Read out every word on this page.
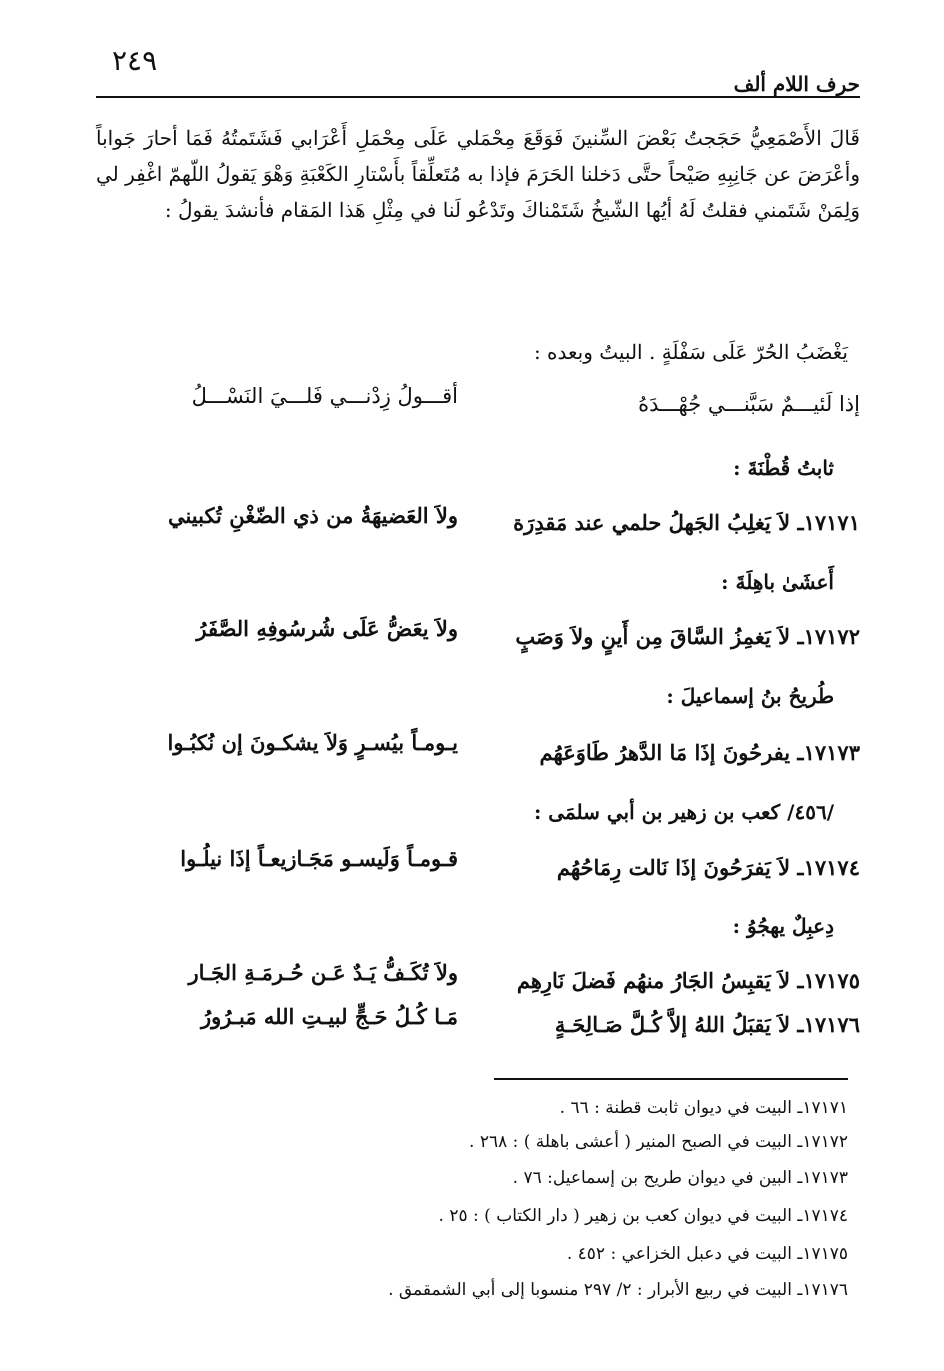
٢٤٩
حرف اللام ألف
قَالَ الأَصْمَعِيُّ حَجَجتُ بَعْضَ السِّنينَ فَوَقَعَ مِحْمَلي عَلَى مِحْمَلِ أَعْرَابي فَشَتَمتُهُ فَمَا أحارَ جَواباً وأعْرَضَ عن جَانِبِهِ صَيْحاً حتَّى دَخلنا الحَرَمَ فإذا به مُتَعلِّقاً بأَسْتارِ الكَعْبَةِ وَهْوَ يَقولُ اللّهمّ اغْفِر لي وَلِمَنْ شَتَمني فقلتُ لَهُ أيُها الشّيخُ شَتَمْناكَ وتَدْعُو لَنا في مِثْلِ هَذا المَقام فأنشدَ يقولُ :
يَغْضَبُ الحُرّ عَلَى سَفْلَةٍ . البيتُ وبعده :
إذا لَئيـــمٌ سَبَّنـــي جُهْـــدَهُ
أقـــولُ زِدْنـــي فَلـــيَ النَسْـــلُ
ثابتُ قُطْنَةَ :
١٧١٧١ـ لاَ يَغلِبُ الجَهلُ حلمي عند مَقدِرَة
ولاَ العَضيهَةُ من ذي الضّغْنِ تُكبيني
أَعشَىٰ باهِلَةَ :
١٧١٧٢ـ لاَ يَغمِزُ السَّاقَ مِن أَينٍ ولاَ وَصَبٍ
ولاَ يعَضُّ عَلَى شُرسُوفِهِ الصَّفَرُ
طُريحُ بنُ إسماعيلَ :
١٧١٧٣ـ يفرحُونَ إذَا مَا الدَّهرُ طَاوَعَهُم
يـومـاً بيُسـرٍ وَلاَ يشكـونَ إن نُكبُـوا
/٤٥٦/ كعب بن زهير بن أبي سلمَى :
١٧١٧٤ـ لاَ يَفرَحُونَ إذَا نَالت رِمَاحُهُم
قـومـاً وَلَيسـو مَجَـازيعـاً إذَا نيلُـوا
دِعبِلٌ يهجُوُ :
١٧١٧٥ـ لاَ يَقبِسُ الجَارُ منهُم فَضلَ نَارِهِم
ولاَ تُكَـفُّ يَـدٌ عَـن حُـرمَـةِ الجَـار
١٧١٧٦ـ لاَ يَقبَلُ اللهُ إلاَّ كُـلَّ صَـالِحَـةٍ
مَـا كُـلُ حَـجٍّ لبيـتِ الله مَبـرُورُ
١٧١٧١ـ البيت في ديوان ثابت قطنة : ٦٦ .
١٧١٧٢ـ البيت في الصبح المنير ( أعشى باهلة ) : ٢٦٨ .
١٧١٧٣ـ البين في ديوان طريح بن إسماعيل: ٧٦ .
١٧١٧٤ـ البيت في ديوان كعب بن زهير ( دار الكتاب ) : ٢٥ .
١٧١٧٥ـ البيت في دعبل الخزاعي : ٤٥٢ .
١٧١٧٦ـ البيت في ربيع الأبرار : ٢/ ٢٩٧ منسوبا إلى أبي الشمقمق .
